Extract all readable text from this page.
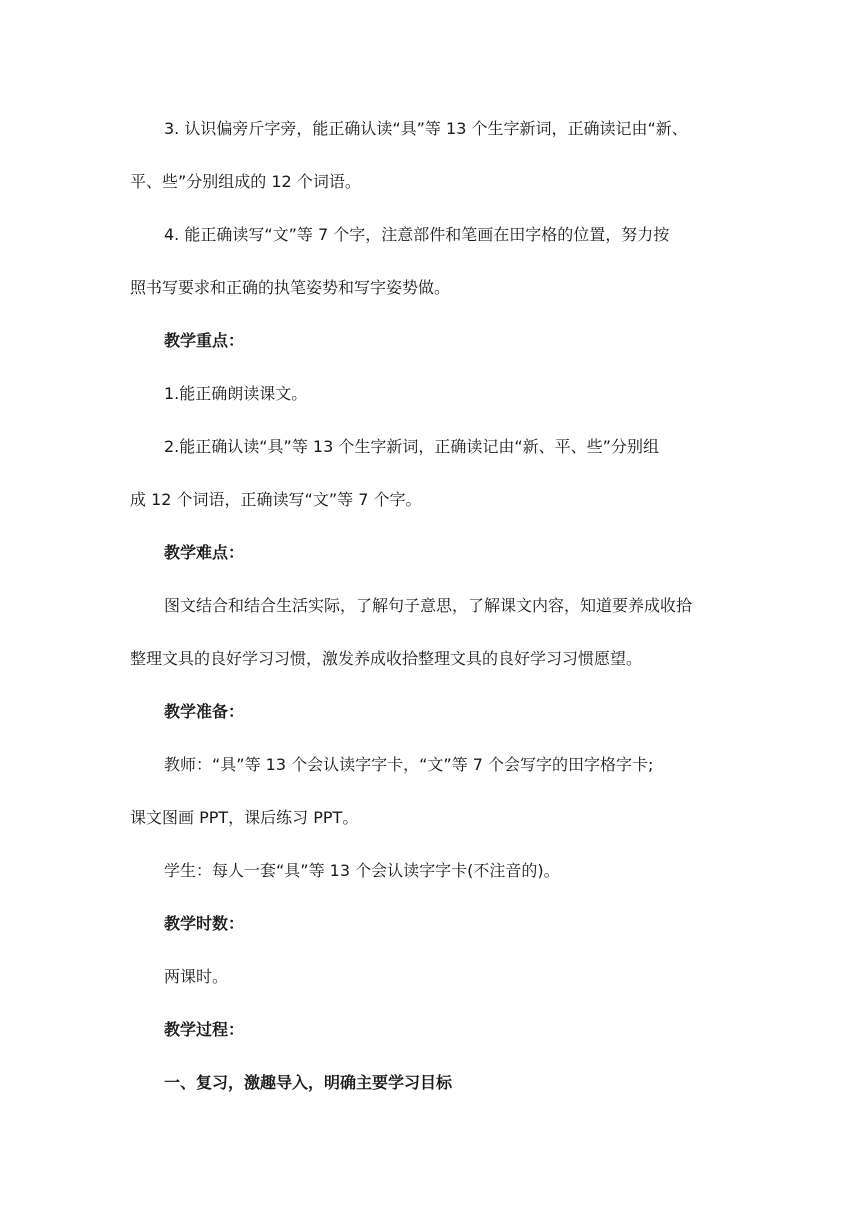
3. 认识偏旁斤字旁，能正确认读“具”等 13 个生字新词，正确读记由“新、
平、些”分别组成的 12 个词语。

4. 能正确读写“文”等 7 个字，注意部件和笔画在田字格的位置，努力按
照书写要求和正确的执笔姿势和写字姿势做。

教学重点：

1.能正确朗读课文。

2.能正确认读“具”等 13 个生字新词，正确读记由“新、平、些”分别组
成 12 个词语，正确读写“文”等 7 个字。

教学难点：

图文结合和结合生活实际，了解句子意思，了解课文内容，知道要养成收拾
整理文具的良好学习习惯，激发养成收拾整理文具的良好学习习惯愿望。

教学准备：

教师：“具”等 13 个会认读字字卡，“文”等 7 个会写字的田字格字卡;
课文图画 PPT，课后练习 PPT。

学生：每人一套“具”等 13 个会认读字字卡(不注音的)。

教学时数：

两课时。

教学过程：

一、复习，激趣导入，明确主要学习目标
